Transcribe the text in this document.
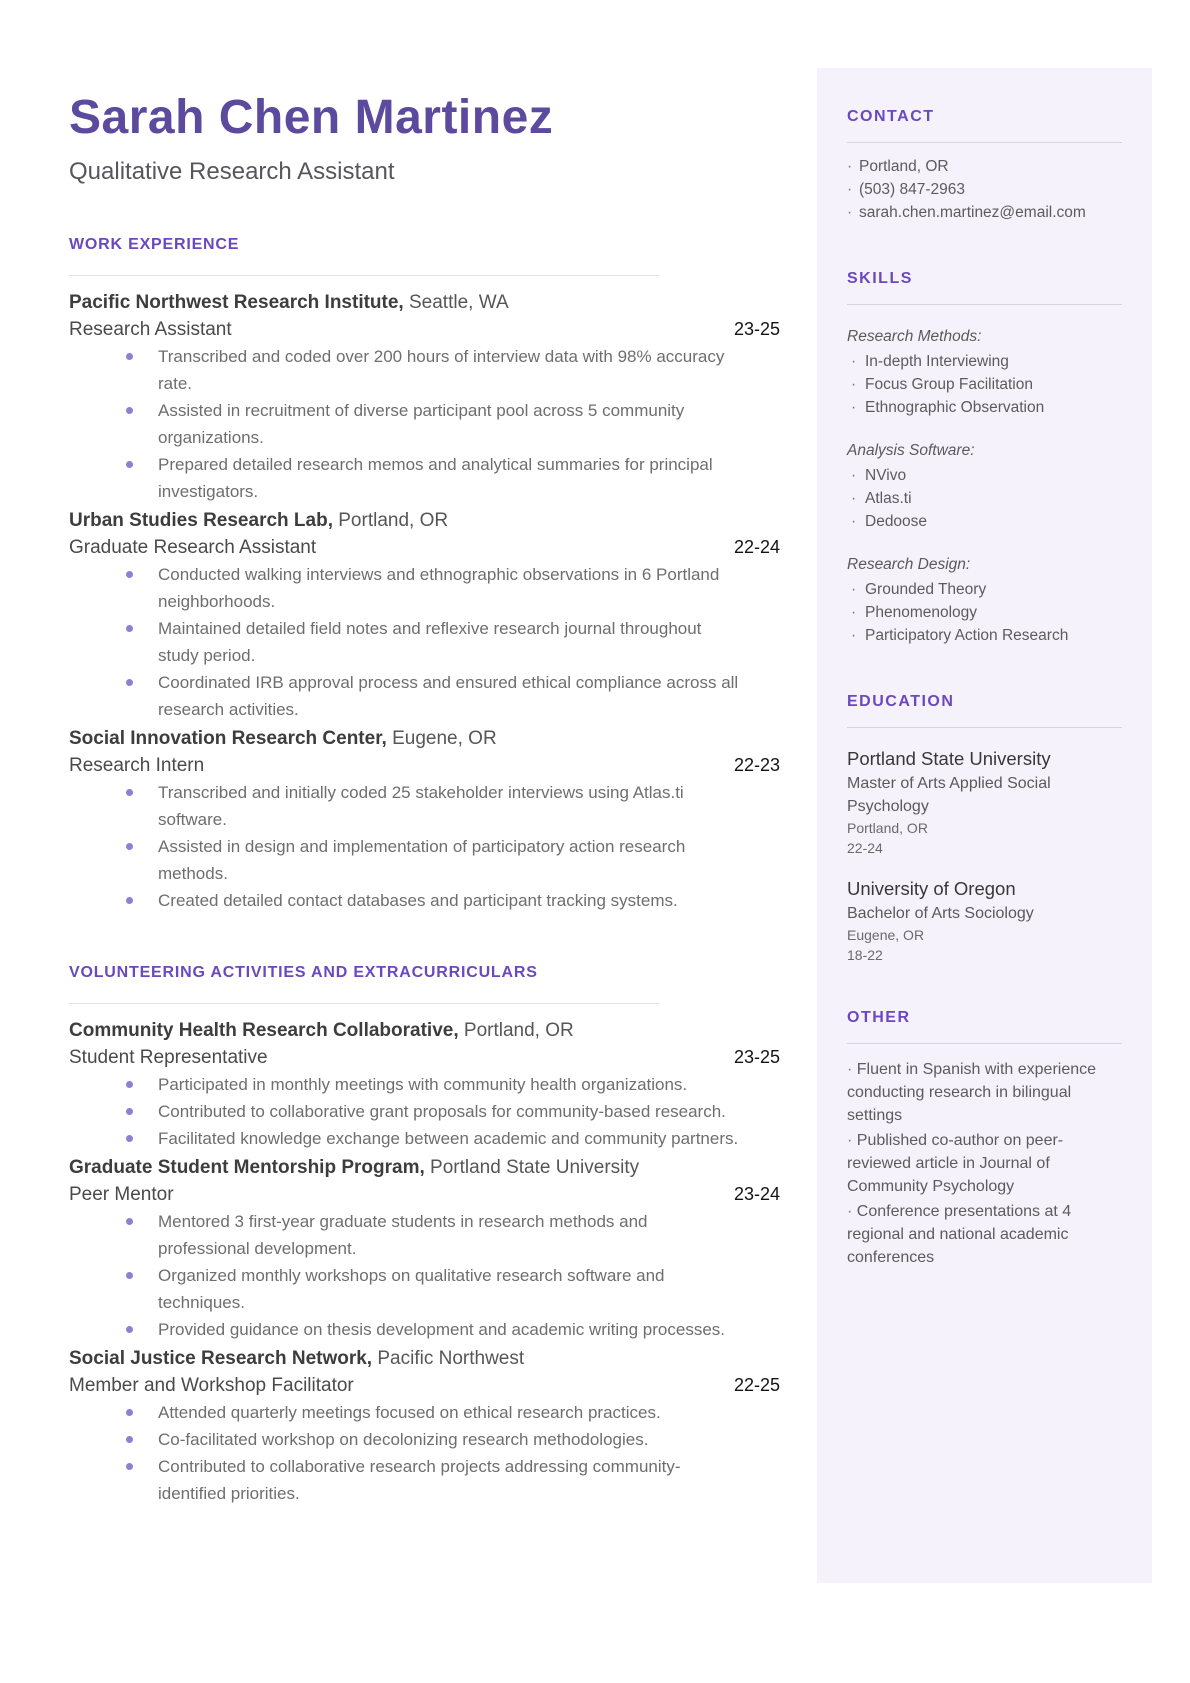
Sarah Chen Martinez
Qualitative Research Assistant
WORK EXPERIENCE
Pacific Northwest Research Institute, Seattle, WA
Research Assistant	23-25
Transcribed and coded over 200 hours of interview data with 98% accuracy rate.
Assisted in recruitment of diverse participant pool across 5 community organizations.
Prepared detailed research memos and analytical summaries for principal investigators.
Urban Studies Research Lab, Portland, OR
Graduate Research Assistant	22-24
Conducted walking interviews and ethnographic observations in 6 Portland neighborhoods.
Maintained detailed field notes and reflexive research journal throughout study period.
Coordinated IRB approval process and ensured ethical compliance across all research activities.
Social Innovation Research Center, Eugene, OR
Research Intern	22-23
Transcribed and initially coded 25 stakeholder interviews using Atlas.ti software.
Assisted in design and implementation of participatory action research methods.
Created detailed contact databases and participant tracking systems.
VOLUNTEERING ACTIVITIES AND EXTRACURRICULARS
Community Health Research Collaborative, Portland, OR
Student Representative	23-25
Participated in monthly meetings with community health organizations.
Contributed to collaborative grant proposals for community-based research.
Facilitated knowledge exchange between academic and community partners.
Graduate Student Mentorship Program, Portland State University
Peer Mentor	23-24
Mentored 3 first-year graduate students in research methods and professional development.
Organized monthly workshops on qualitative research software and techniques.
Provided guidance on thesis development and academic writing processes.
Social Justice Research Network, Pacific Northwest
Member and Workshop Facilitator	22-25
Attended quarterly meetings focused on ethical research practices.
Co-facilitated workshop on decolonizing research methodologies.
Contributed to collaborative research projects addressing community-identified priorities.
CONTACT
· Portland, OR
· (503) 847-2963
· sarah.chen.martinez@email.com
SKILLS
Research Methods:
· In-depth Interviewing
· Focus Group Facilitation
· Ethnographic Observation
Analysis Software:
· NVivo
· Atlas.ti
· Dedoose
Research Design:
· Grounded Theory
· Phenomenology
· Participatory Action Research
EDUCATION
Portland State University
Master of Arts Applied Social Psychology
Portland, OR
22-24
University of Oregon
Bachelor of Arts Sociology
Eugene, OR
18-22
OTHER

· Fluent in Spanish with experience conducting research in bilingual settings

· Published co-author on peer-reviewed article in Journal of Community Psychology

· Conference presentations at 4 regional and national academic conferences
